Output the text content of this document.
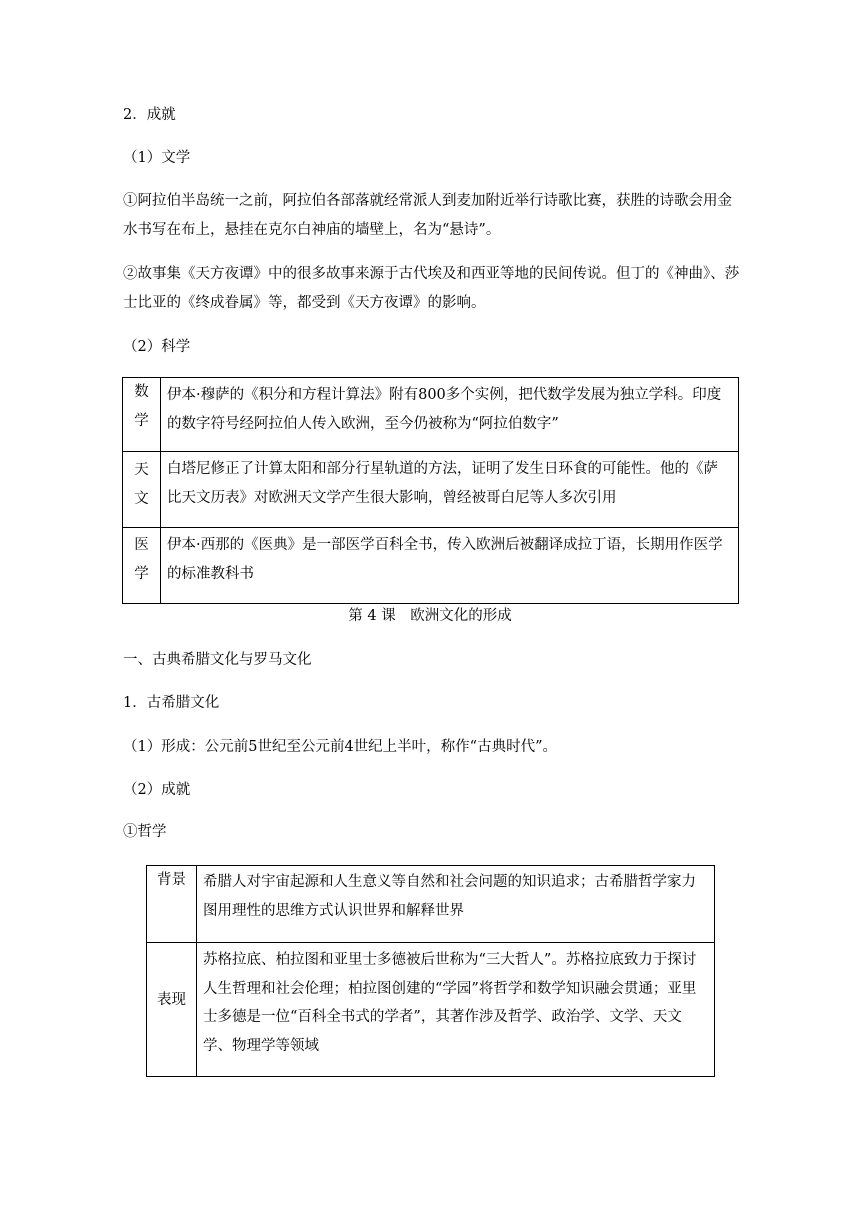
2．成就

（1）文学

①阿拉伯半岛统一之前，阿拉伯各部落就经常派人到麦加附近举行诗歌比赛，获胜的诗歌会用金水书写在布上，悬挂在克尔白神庙的墙壁上，名为“悬诗”。

②故事集《天方夜谭》中的很多故事来源于古代埃及和西亚等地的民间传说。但丁的《神曲》、莎士比亚的《终成眷属》等，都受到《天方夜谭》的影响。

（2）科学

数
学	伊本·穆萨的《积分和方程计算法》附有800多个实例，把代数学发展为独立学科。印度的数字符号经阿拉伯人传入欧洲，至今仍被称为“阿拉伯数字”

天
文	白塔尼修正了计算太阳和部分行星轨道的方法，证明了发生日环食的可能性。他的《萨比天文历表》对欧洲天文学产生很大影响，曾经被哥白尼等人多次引用

医
学	伊本·西那的《医典》是一部医学百科全书，传入欧洲后被翻译成拉丁语，长期用作医学的标准教科书
第 4 课　欧洲文化的形成

一、古典希腊文化与罗马文化

1．古希腊文化

（1）形成：公元前5世纪至公元前4世纪上半叶，称作“古典时代”。

（2）成就

①哲学

背景	希腊人对宇宙起源和人生意义等自然和社会问题的知识追求；古希腊哲学家力图用理性的思维方式认识世界和解释世界
表现	苏格拉底、柏拉图和亚里士多德被后世称为“三大哲人”。苏格拉底致力于探讨人生哲理和社会伦理；柏拉图创建的“学园”将哲学和数学知识融会贯通；亚里士多德是一位“百科全书式的学者”，其著作涉及哲学、政治学、文学、天文学、物理学等领域
